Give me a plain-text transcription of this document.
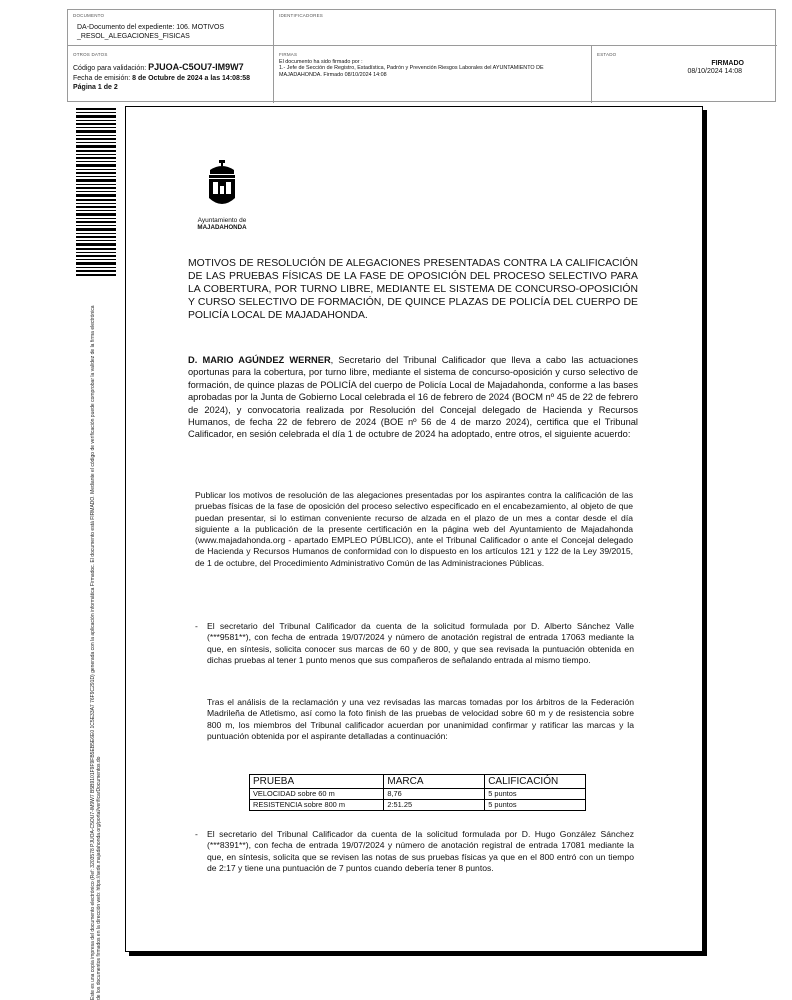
DOCUMENTO
DA-Documento del expediente: 106. MOTIVOS _RESOL_ALEGACIONES_FISICAS
IDENTIFICADORES
OTROS DATOS
Código para validación: PJUOA-C5OU7-IM9W7
Fecha de emisión: 8 de Octubre de 2024 a las 14:08:58
Página 1 de 2
FIRMAS
El documento ha sido firmado por :
1.- Jefe de Sección de Registro, Estadística, Padrón y Prevención Riesgos Laborales del AYUNTAMIENTO DE MAJADAHONDA. Firmado 08/10/2024 14:08
ESTADO
FIRMADO
08/10/2024 14:08
Este es una copia impresa del documento electrónico (Ref: 3203578 PJUOA-C5OU7-IM9W7 B5B9101F9F9FB5EB5E6E0 1C5E33A7 76F9C291D) generada con la aplicación informática Firmadoc. El documento está FIRMADO. Mediante el código de verificación puede comprobar la validez de la firma electrónica de los documentos firmados en la dirección web: https://sede.majadahonda.org/portal/verificarDocumentos.do
Ayuntamiento de
MAJADAHONDA
MOTIVOS DE RESOLUCIÓN DE ALEGACIONES PRESENTADAS CONTRA LA CALIFICACIÓN DE LAS PRUEBAS FÍSICAS DE LA FASE DE OPOSICIÓN DEL PROCESO SELECTIVO PARA LA COBERTURA, POR TURNO LIBRE, MEDIANTE EL SISTEMA DE CONCURSO-OPOSICIÓN Y CURSO SELECTIVO DE FORMACIÓN, DE QUINCE PLAZAS DE POLICÍA DEL CUERPO DE POLICÍA LOCAL DE MAJADAHONDA.
D. MARIO AGÚNDEZ WERNER, Secretario del Tribunal Calificador que lleva a cabo las actuaciones oportunas para la cobertura, por turno libre, mediante el sistema de concurso-oposición y curso selectivo de formación, de quince plazas de POLICÍA del cuerpo de Policía Local de Majadahonda, conforme a las bases aprobadas por la Junta de Gobierno Local celebrada el 16 de febrero de 2024 (BOCM nº 45 de 22 de febrero de 2024), y convocatoria realizada por Resolución del Concejal delegado de Hacienda y Recursos Humanos, de fecha 22 de febrero de 2024 (BOE nº 56 de 4 de marzo 2024), certifica que el Tribunal Calificador, en sesión celebrada el día 1 de octubre de 2024 ha adoptado, entre otros, el siguiente acuerdo:
Publicar los motivos de resolución de las alegaciones presentadas por los aspirantes contra la calificación de las pruebas físicas de la fase de oposición del proceso selectivo especificado en el encabezamiento, al objeto de que puedan presentar, si lo estiman conveniente recurso de alzada en el plazo de un mes a contar desde el día siguiente a la publicación de la presente certificación en la página web del Ayuntamiento de Majadahonda (www.majadahonda.org - apartado EMPLEO PÚBLICO), ante el Tribunal Calificador o ante el Concejal delegado de Hacienda y Recursos Humanos de conformidad con lo dispuesto en los artículos 121 y 122 de la Ley 39/2015, de 1 de octubre, del Procedimiento Administrativo Común de las Administraciones Públicas.
- El secretario del Tribunal Calificador da cuenta de la solicitud formulada por D. Alberto Sánchez Valle (***9581**), con fecha de entrada 19/07/2024 y número de anotación registral de entrada 17063 mediante la que, en síntesis, solicita conocer sus marcas de 60 y de 800, y que sea revisada la puntuación obtenida en dichas pruebas al tener 1 punto menos que sus compañeros de señalando entrada al mismo tiempo.
Tras el análisis de la reclamación y una vez revisadas las marcas tomadas por los árbitros de la Federación Madrileña de Atletismo, así como la foto finish de las pruebas de velocidad sobre 60 m y de resistencia sobre 800 m, los miembros del Tribunal calificador acuerdan por unanimidad confirmar y ratificar las marcas y la puntuación obtenida por el aspirante detalladas a continuación:
PRUEBA	MARCA	CALIFICACIÓN
VELOCIDAD sobre 60 m	8,76	5 puntos
RESISTENCIA sobre 800 m	2:51.25	5 puntos
- El secretario del Tribunal Calificador da cuenta de la solicitud formulada por D. Hugo González Sánchez (***8391**), con fecha de entrada 19/07/2024 y número de anotación registral de entrada 17081 mediante la que, en síntesis, solicita que se revisen las notas de sus pruebas físicas ya que en el 800 entró con un tiempo de 2:17 y tiene una puntuación de 7 puntos cuando debería tener 8 puntos.
